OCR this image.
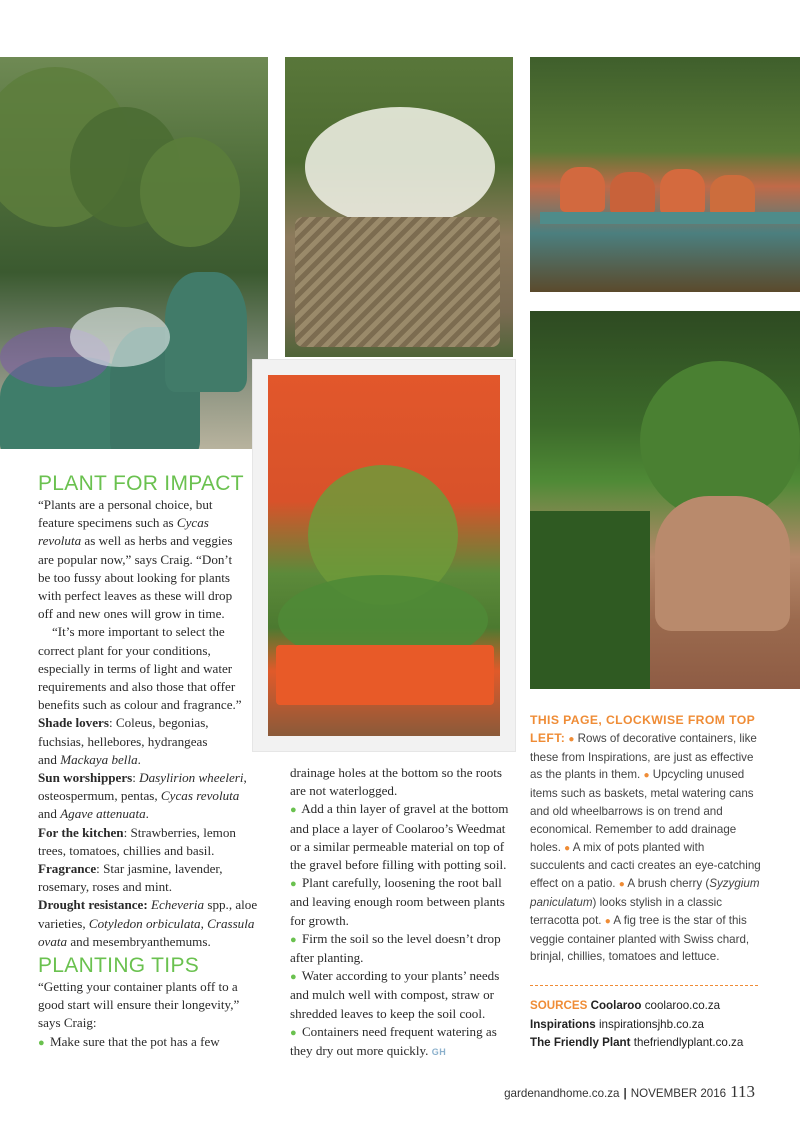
PLANT FOR IMPACT

“Plants are a personal choice, but

feature specimens such as Cycas

revoluta as well as herbs and veggies

are popular now,” says Craig. “Don’t

be too fussy about looking for plants

with perfect leaves as these will drop

off and new ones will grow in time.

“It’s more important to select the

correct plant for your conditions,

especially in terms of light and water

requirements and also those that offer

benefits such as colour and fragrance.”

Shade lovers: Coleus, begonias,

fuchsias, hellebores, hydrangeas

and Mackaya bella.

Sun worshippers: Dasylirion wheeleri,

osteospermum, pentas, Cycas revoluta

and Agave attenuata.

For the kitchen: Strawberries, lemon

trees, tomatoes, chillies and basil.

Fragrance: Star jasmine, lavender,

rosemary, roses and mint.

Drought resistance: Echeveria spp., aloe

varieties, Cotyledon orbiculata, Crassula

ovata and mesembryanthemums.

PLANTING TIPS

“Getting your container plants off to a

good start will ensure their longevity,”

says Craig:

● Make sure that the pot has a few

drainage holes at the bottom so the roots

are not waterlogged.

● Add a thin layer of gravel at the bottom

and place a layer of Coolaroo’s Weedmat

or a similar permeable material on top of

the gravel before filling with potting soil.

● Plant carefully, loosening the root ball

and leaving enough room between plants

for growth.

● Firm the soil so the level doesn’t drop

after planting.

● Water according to your plants’ needs

and mulch well with compost, straw or

shredded leaves to keep the soil cool.

● Containers need frequent watering as

they dry out more quickly. GH

THIS PAGE, CLOCKWISE FROM TOP

LEFT: ● Rows of decorative containers, like

these from Inspirations, are just as effective

as the plants in them. ● Upcycling unused

items such as baskets, metal watering cans

and old wheelbarrows is on trend and

economical. Remember to add drainage

holes. ● A mix of pots planted with

succulents and cacti creates an eye-catching

effect on a patio. ● A brush cherry (Syzygium

paniculatum) looks stylish in a classic

terracotta pot. ● A fig tree is the star of this

veggie container planted with Swiss chard,

brinjal, chillies, tomatoes and lettuce.

SOURCES Coolaroo coolaroo.co.za

Inspirations inspirationsjhb.co.za

The Friendly Plant thefriendlyplant.co.za

gardenandhome.co.za | NOVEMBER 2016 113
